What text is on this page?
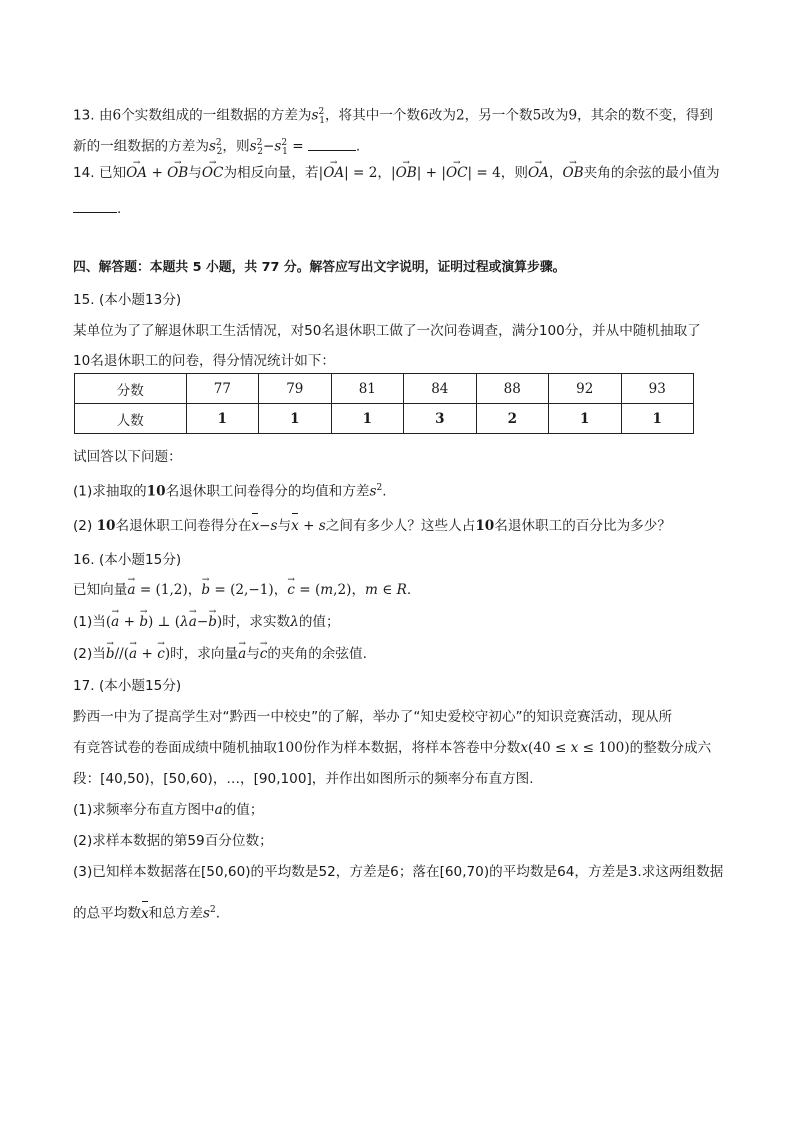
13. 由6个实数组成的一组数据的方差为$s^2_1$，将其中一个数6改为2，另一个数5改为9，其余的数不变，得到
新的一组数据的方差为$s^2_2$，则$s^2_2-s^2_1$ =	.
14. 已知OA → + OB →与OC →为相反向量，若|OA →| = 2，|OB →| + |OC →| = 4，则OA →，OB →夹角的余弦的最小值为
.
四、解答题：本题共 5 小题，共 77 分。解答应写出文字说明，证明过程或演算步骤。
15. (本小题13分)
某单位为了了解退休职工生活情况，对50名退休职工做了一次问卷调查，满分100分，并从中随机抽取了
10名退休职工的问卷，得分情况统计如下：
分数	77	79	81	84	88	92	93
人数	1	1	1	3	2	1	1
试回答以下问题：
(1)求抽取的10名退休职工问卷得分的均值和方差$s^2$.
(2) 10名退休职工问卷得分在x−s与x + s之间有多少人？这些人占10名退休职工的百分比为多少？
16. (本小题15分)
已知向量a → = (1,2)，b → = (2,−1)，c → = (m,2)，m ∈ R.
(1)当(a → + b →) ⊥ (λa →−b →)时，求实数λ的值；
(2)当b →//(a → + c →)时，求向量a →与c →的夹角的余弦值.
17. (本小题15分)
黔西一中为了提高学生对“黔西一中校史”的了解，举办了“知史爱校守初心”的知识竞赛活动，现从所
有竞答试卷的卷面成绩中随机抽取100份作为样本数据，将样本答卷中分数x(40 ≤ x ≤ 100)的整数分成六
段：[40,50)，[50,60)，…，[90,100]，并作出如图所示的频率分布直方图.
(1)求频率分布直方图中a的值；
(2)求样本数据的第59百分位数；
(3)已知样本数据落在[50,60)的平均数是52，方差是6；落在[60,70)的平均数是64，方差是3.求这两组数据
的总平均数x和总方差$s^2$.
